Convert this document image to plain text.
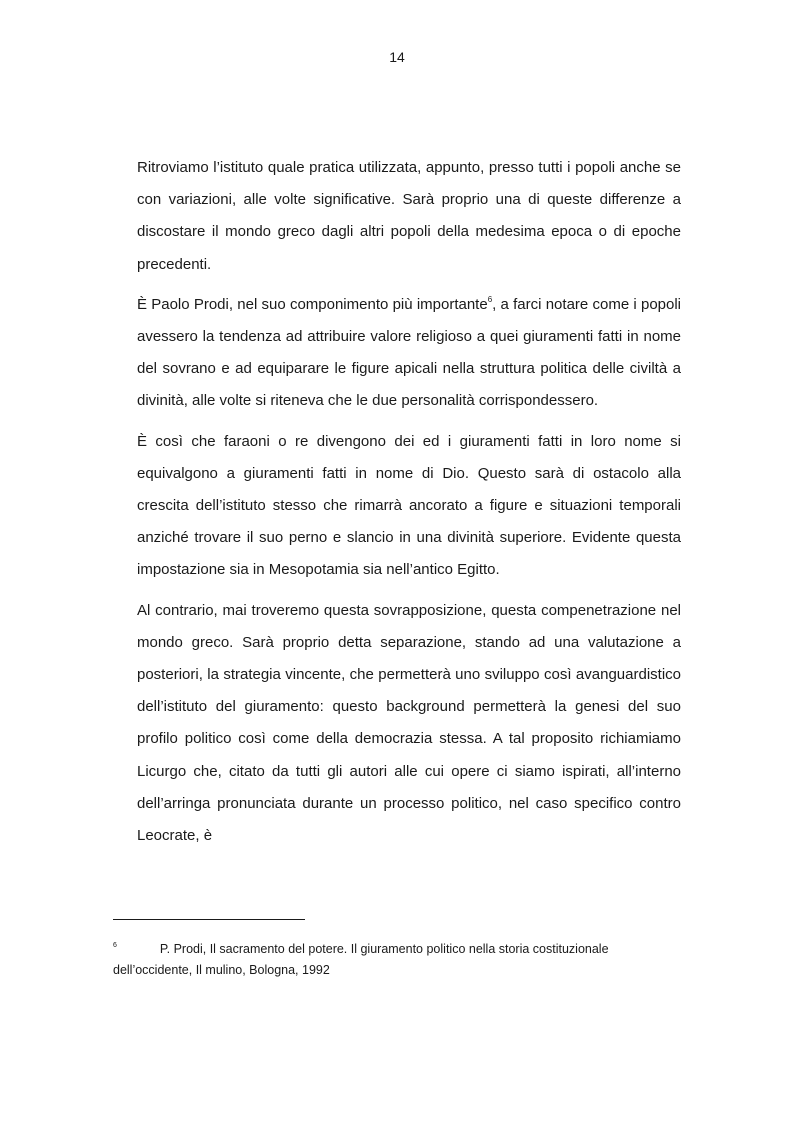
14

Ritroviamo l’istituto quale pratica utilizzata, appunto, presso tutti i popoli anche se con variazioni, alle volte significative. Sarà proprio una di queste differenze a discostare il mondo greco dagli altri popoli della medesima epoca o di epoche precedenti.

È Paolo Prodi, nel suo componimento più importante$^6$, a farci notare come i popoli avessero la tendenza ad attribuire valore religioso a quei giuramenti fatti in nome del sovrano e ad equiparare le figure apicali nella struttura politica delle civiltà a divinità, alle volte si riteneva che le due personalità corrispondessero.

È così che faraoni o re divengono dei ed i giuramenti fatti in loro nome si equivalgono a giuramenti fatti in nome di Dio. Questo sarà di ostacolo alla crescita dell’istituto stesso che rimarrà ancorato a figure e situazioni temporali anziché trovare il suo perno e slancio in una divinità superiore. Evidente questa impostazione sia in Mesopotamia sia nell’antico Egitto.

Al contrario, mai troveremo questa sovrapposizione, questa compenetrazione nel mondo greco. Sarà proprio detta separazione, stando ad una valutazione a posteriori, la strategia vincente, che permetterà uno sviluppo così avanguardistico dell’istituto del giuramento: questo background permetterà la genesi del suo profilo politico così come della democrazia stessa. A tal proposito richiamiamo Licurgo che, citato da tutti gli autori alle cui opere ci siamo ispirati, all’interno dell’arringa pronunciata durante un processo politico, nel caso specifico contro Leocrate, è

$^6$	P. Prodi, Il sacramento del potere. Il giuramento politico nella storia costituzionale dell’occidente, Il mulino, Bologna, 1992
